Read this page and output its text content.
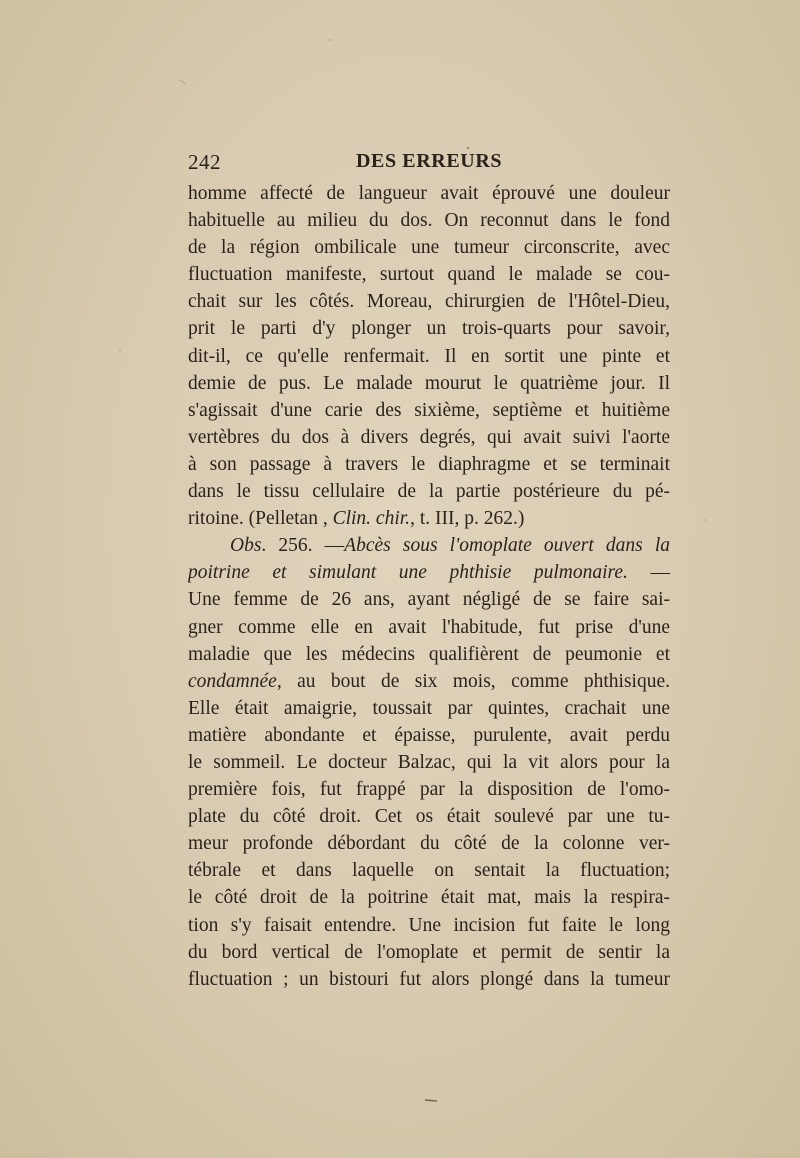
242	DES ERREURS
homme affecté de langueur avait éprouvé une douleur
habituelle au milieu du dos. On reconnut dans le fond
de la région ombilicale une tumeur circonscrite, avec
fluctuation manifeste, surtout quand le malade se cou-
chait sur les côtés. Moreau, chirurgien de l'Hôtel-Dieu,
prit le parti d'y plonger un trois-quarts pour savoir,
dit-il, ce qu'elle renfermait. Il en sortit une pinte et
demie de pus. Le malade mourut le quatrième jour. Il
s'agissait d'une carie des sixième, septième et huitième
vertèbres du dos à divers degrés, qui avait suivi l'aorte
à son passage à travers le diaphragme et se terminait
dans le tissu cellulaire de la partie postérieure du pé-
ritoine. (Pelletan , Clin. chir., t. III, p. 262.)
Obs. 256. —Abcès sous l'omoplate ouvert dans la
poitrine et simulant une phthisie pulmonaire. —
Une femme de 26 ans, ayant négligé de se faire sai-
gner comme elle en avait l'habitude, fut prise d'une
maladie que les médecins qualifièrent de peumonie et
condamnée, au bout de six mois, comme phthisique.
Elle était amaigrie, toussait par quintes, crachait une
matière abondante et épaisse, purulente, avait perdu
le sommeil. Le docteur Balzac, qui la vit alors pour la
première fois, fut frappé par la disposition de l'omo-
plate du côté droit. Cet os était soulevé par une tu-
meur profonde débordant du côté de la colonne ver-
tébrale et dans laquelle on sentait la fluctuation;
le côté droit de la poitrine était mat, mais la respira-
tion s'y faisait entendre. Une incision fut faite le long
du bord vertical de l'omoplate et permit de sentir la
fluctuation ; un bistouri fut alors plongé dans la tumeur
